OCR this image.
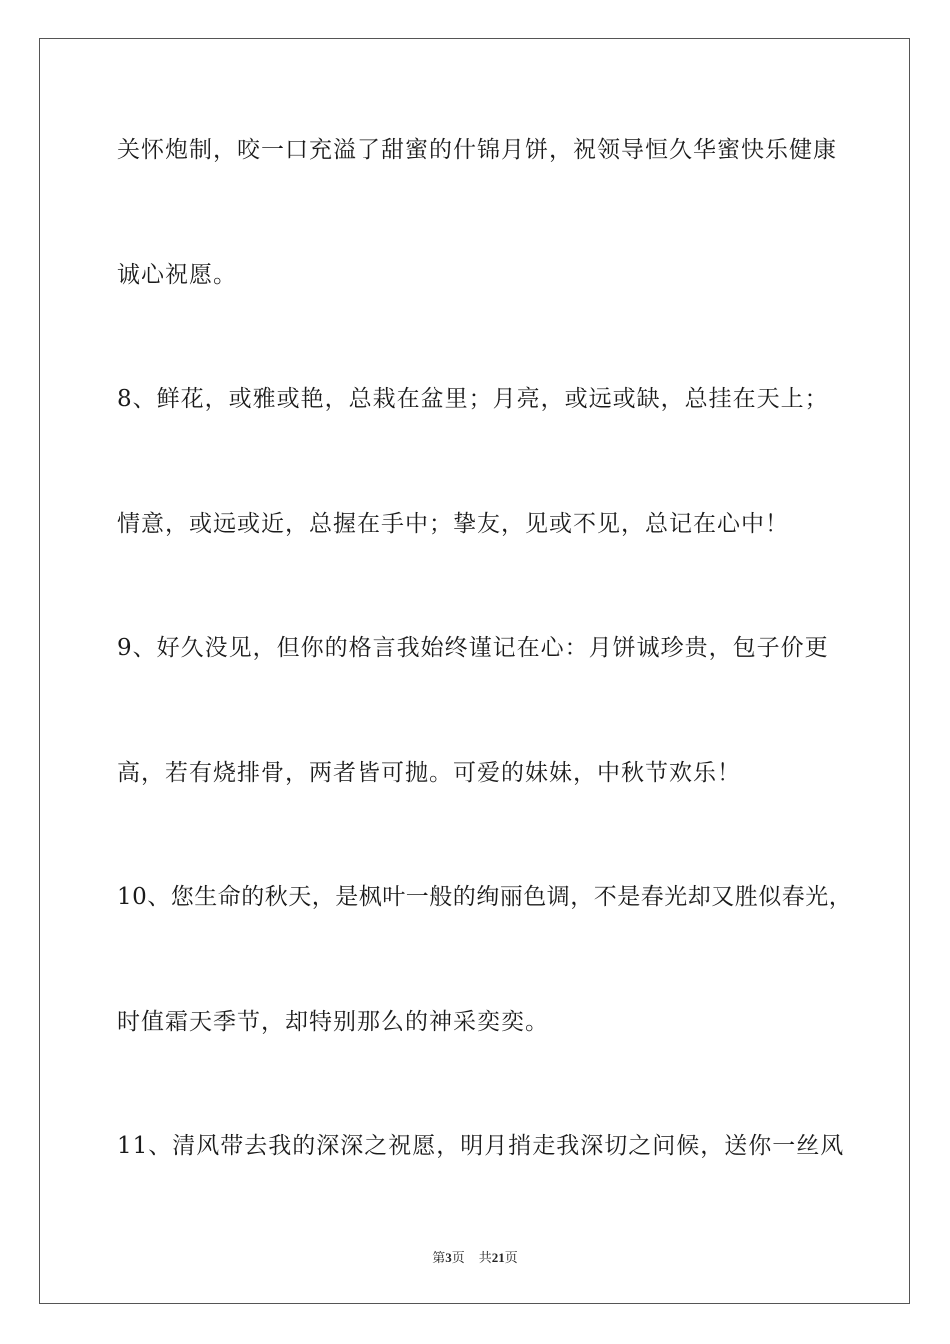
关怀炮制，咬一口充溢了甜蜜的什锦月饼，祝领导恒久华蜜快乐健康
诚心祝愿。
8、鲜花，或雅或艳，总栽在盆里；月亮，或远或缺，总挂在天上；
情意，或远或近，总握在手中；挚友，见或不见，总记在心中！
9、好久没见，但你的格言我始终谨记在心：月饼诚珍贵，包子价更
高，若有烧排骨，两者皆可抛。可爱的妹妹，中秋节欢乐！
10、您生命的秋天，是枫叶一般的绚丽色调，不是春光却又胜似春光，
时值霜天季节，却特别那么的神采奕奕。
11、清风带去我的深深之祝愿，明月捎走我深切之问候，送你一丝风
第3页 共21页
